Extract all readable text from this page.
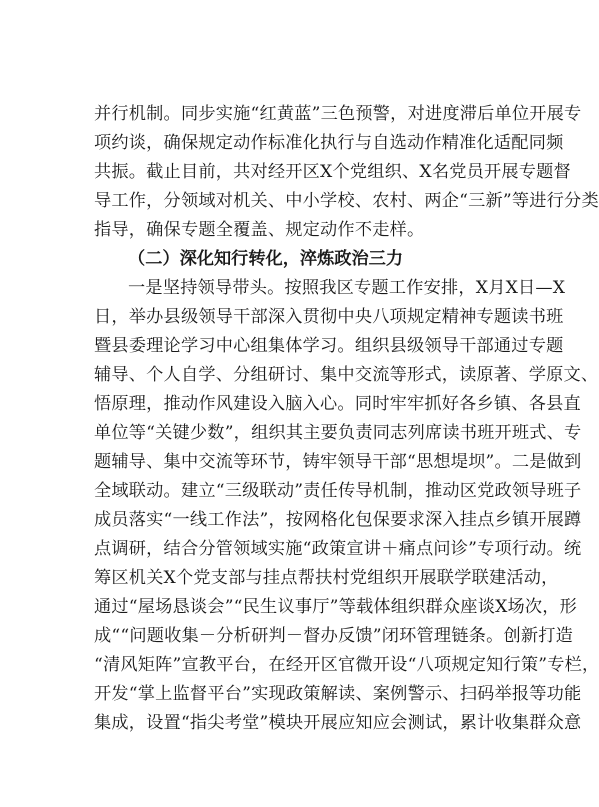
并行机制。同步实施“红黄蓝”三色预警，对进度滞后单位开展专
项约谈，确保规定动作标准化执行与自选动作精准化适配同频
共振。截止目前，共对经开区X个党组织、X名党员开展专题督
导工作，分领域对机关、中小学校、农村、两企“三新”等进行分类
指导，确保专题全覆盖、规定动作不走样。
（二）深化知行转化，淬炼政治三力
一是坚持领导带头。按照我区专题工作安排，X月X日—X
日，举办县级领导干部深入贯彻中央八项规定精神专题读书班
暨县委理论学习中心组集体学习。组织县级领导干部通过专题
辅导、个人自学、分组研讨、集中交流等形式，读原著、学原文、
悟原理，推动作风建设入脑入心。同时牢牢抓好各乡镇、各县直
单位等“关键少数”，组织其主要负责同志列席读书班开班式、专
题辅导、集中交流等环节，铸牢领导干部“思想堤坝”。二是做到
全域联动。建立“三级联动”责任传导机制，推动区党政领导班子
成员落实“一线工作法”，按网格化包保要求深入挂点乡镇开展蹲
点调研，结合分管领域实施“政策宣讲＋痛点问诊”专项行动。统
筹区机关X个党支部与挂点帮扶村党组织开展联学联建活动，
通过“屋场恳谈会”“民生议事厅”等载体组织群众座谈X场次，形
成““问题收集－分析研判－督办反馈”闭环管理链条。创新打造
“清风矩阵”宣教平台，在经开区官微开设“八项规定知行策”专栏，
开发“掌上监督平台”实现政策解读、案例警示、扫码举报等功能
集成，设置“指尖考堂”模块开展应知应会测试，累计收集群众意
